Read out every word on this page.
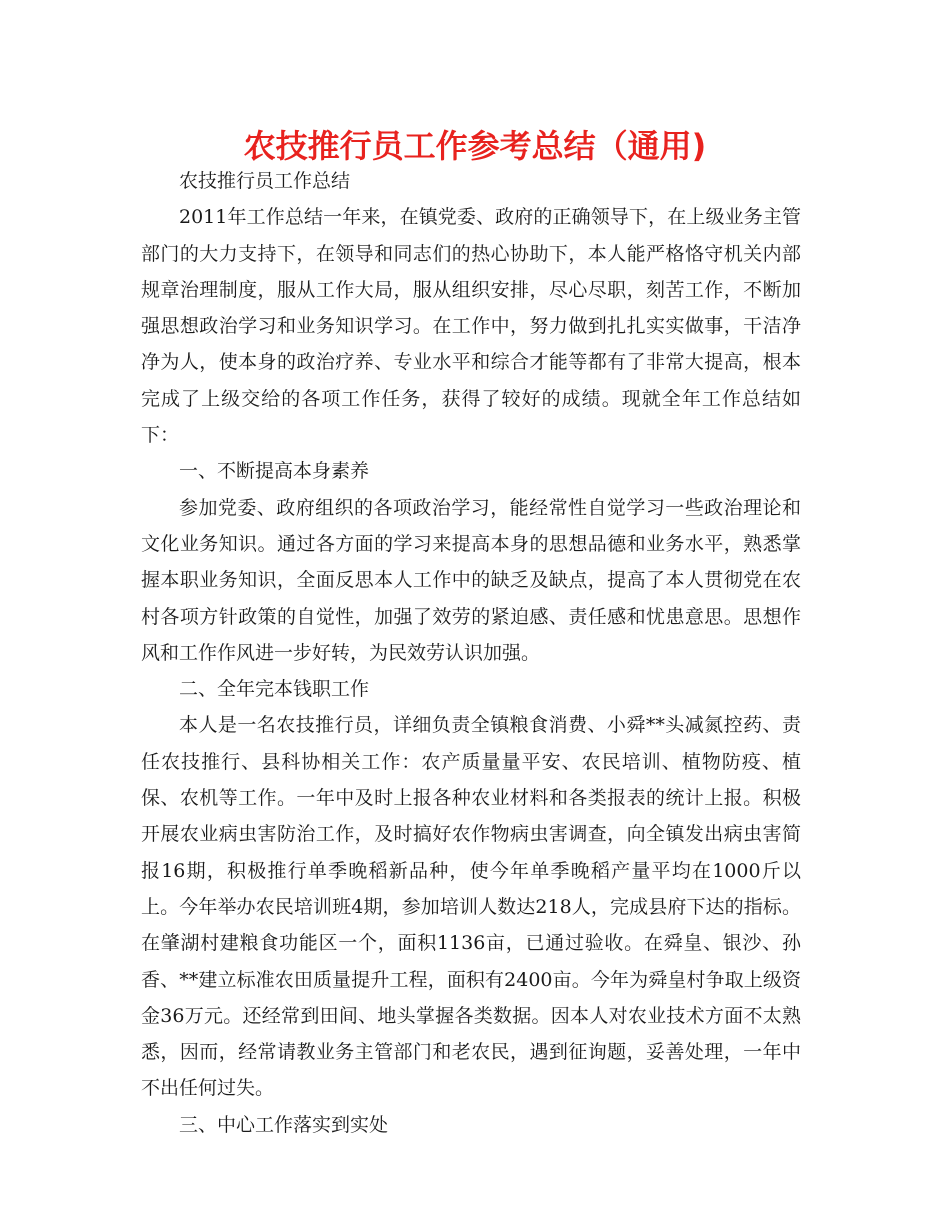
农技推行员工作参考总结（通用)

农技推行员工作总结

2011年工作总结一年来，在镇党委、政府的正确领导下，在上级业务主管部门的大力支持下，在领导和同志们的热心协助下，本人能严格恪守机关内部规章治理制度，服从工作大局，服从组织安排，尽心尽职，刻苦工作，不断加强思想政治学习和业务知识学习。在工作中，努力做到扎扎实实做事，干洁净净为人，使本身的政治疗养、专业水平和综合才能等都有了非常大提高，根本完成了上级交给的各项工作任务，获得了较好的成绩。现就全年工作总结如下：

一、不断提高本身素养

参加党委、政府组织的各项政治学习，能经常性自觉学习一些政治理论和文化业务知识。通过各方面的学习来提高本身的思想品德和业务水平，熟悉掌握本职业务知识，全面反思本人工作中的缺乏及缺点，提高了本人贯彻党在农村各项方针政策的自觉性，加强了效劳的紧迫感、责任感和忧患意思。思想作风和工作作风进一步好转，为民效劳认识加强。

二、全年完本钱职工作

本人是一名农技推行员，详细负责全镇粮食消费、小舜**头减氮控药、责任农技推行、县科协相关工作：农产质量量平安、农民培训、植物防疫、植保、农机等工作。一年中及时上报各种农业材料和各类报表的统计上报。积极开展农业病虫害防治工作，及时搞好农作物病虫害调查，向全镇发出病虫害简报16期，积极推行单季晚稻新品种，使今年单季晚稻产量平均在1000斤以上。今年举办农民培训班4期，参加培训人数达218人，完成县府下达的指标。在肇湖村建粮食功能区一个，面积1136亩，已通过验收。在舜皇、银沙、孙香、**建立标准农田质量提升工程，面积有2400亩。今年为舜皇村争取上级资金36万元。还经常到田间、地头掌握各类数据。因本人对农业技术方面不太熟悉，因而，经常请教业务主管部门和老农民，遇到征询题，妥善处理，一年中不出任何过失。

三、中心工作落实到实处
